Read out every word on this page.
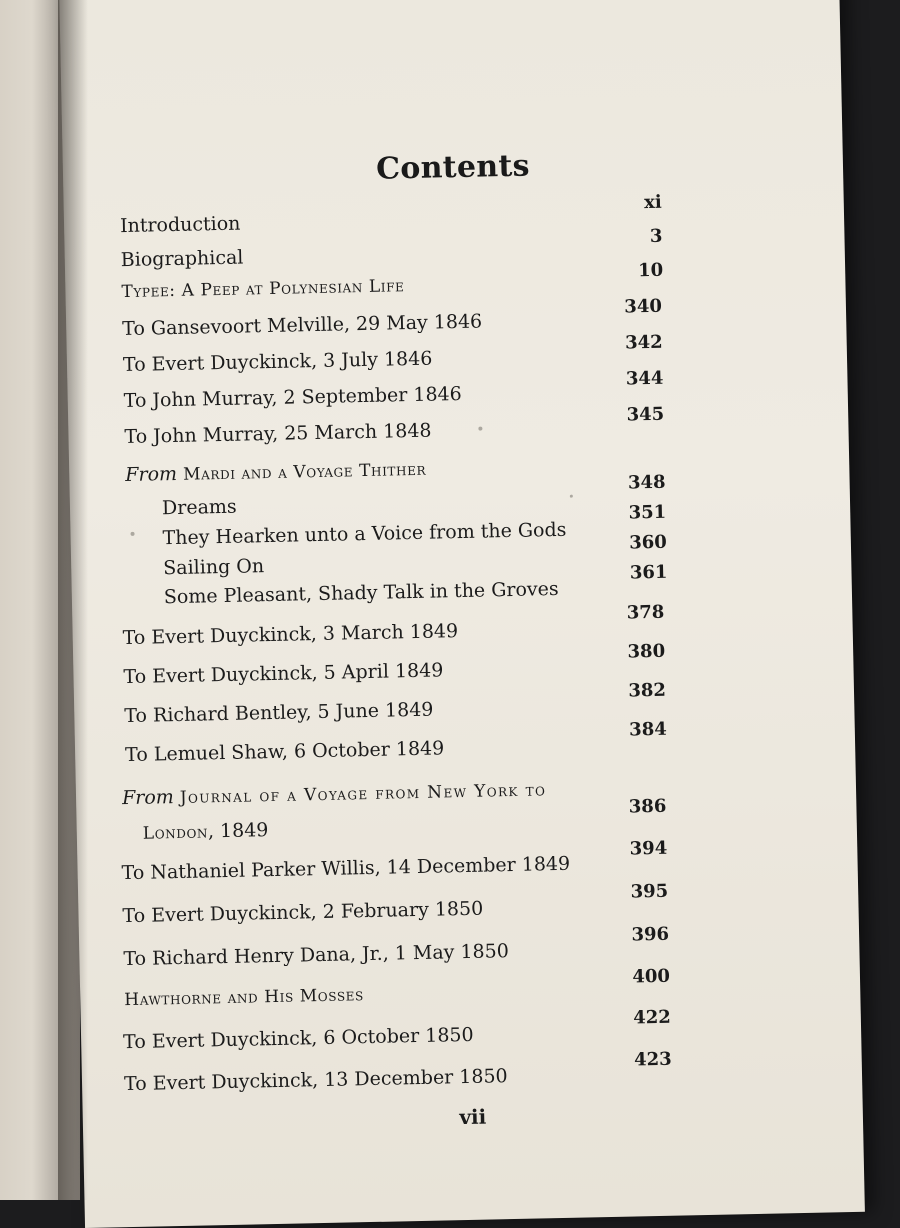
Contents
Introduction
xi
Biographical
3
Typee: A Peep at Polynesian Life
10
To Gansevoort Melville, 29 May 1846
340
To Evert Duyckinck, 3 July 1846
342
To John Murray, 2 September 1846
344
To John Murray, 25 March 1848
345
From Mardi and a Voyage Thither
Dreams
348
They Hearken unto a Voice from the Gods
351
Sailing On
360
Some Pleasant, Shady Talk in the Groves
361
To Evert Duyckinck, 3 March 1849
378
To Evert Duyckinck, 5 April 1849
380
To Richard Bentley, 5 June 1849
382
To Lemuel Shaw, 6 October 1849
384
From Journal of a Voyage from New York to
London, 1849
386
To Nathaniel Parker Willis, 14 December 1849
394
To Evert Duyckinck, 2 February 1850
395
To Richard Henry Dana, Jr., 1 May 1850
396
Hawthorne and His Mosses
400
To Evert Duyckinck, 6 October 1850
422
To Evert Duyckinck, 13 December 1850
423
vii
